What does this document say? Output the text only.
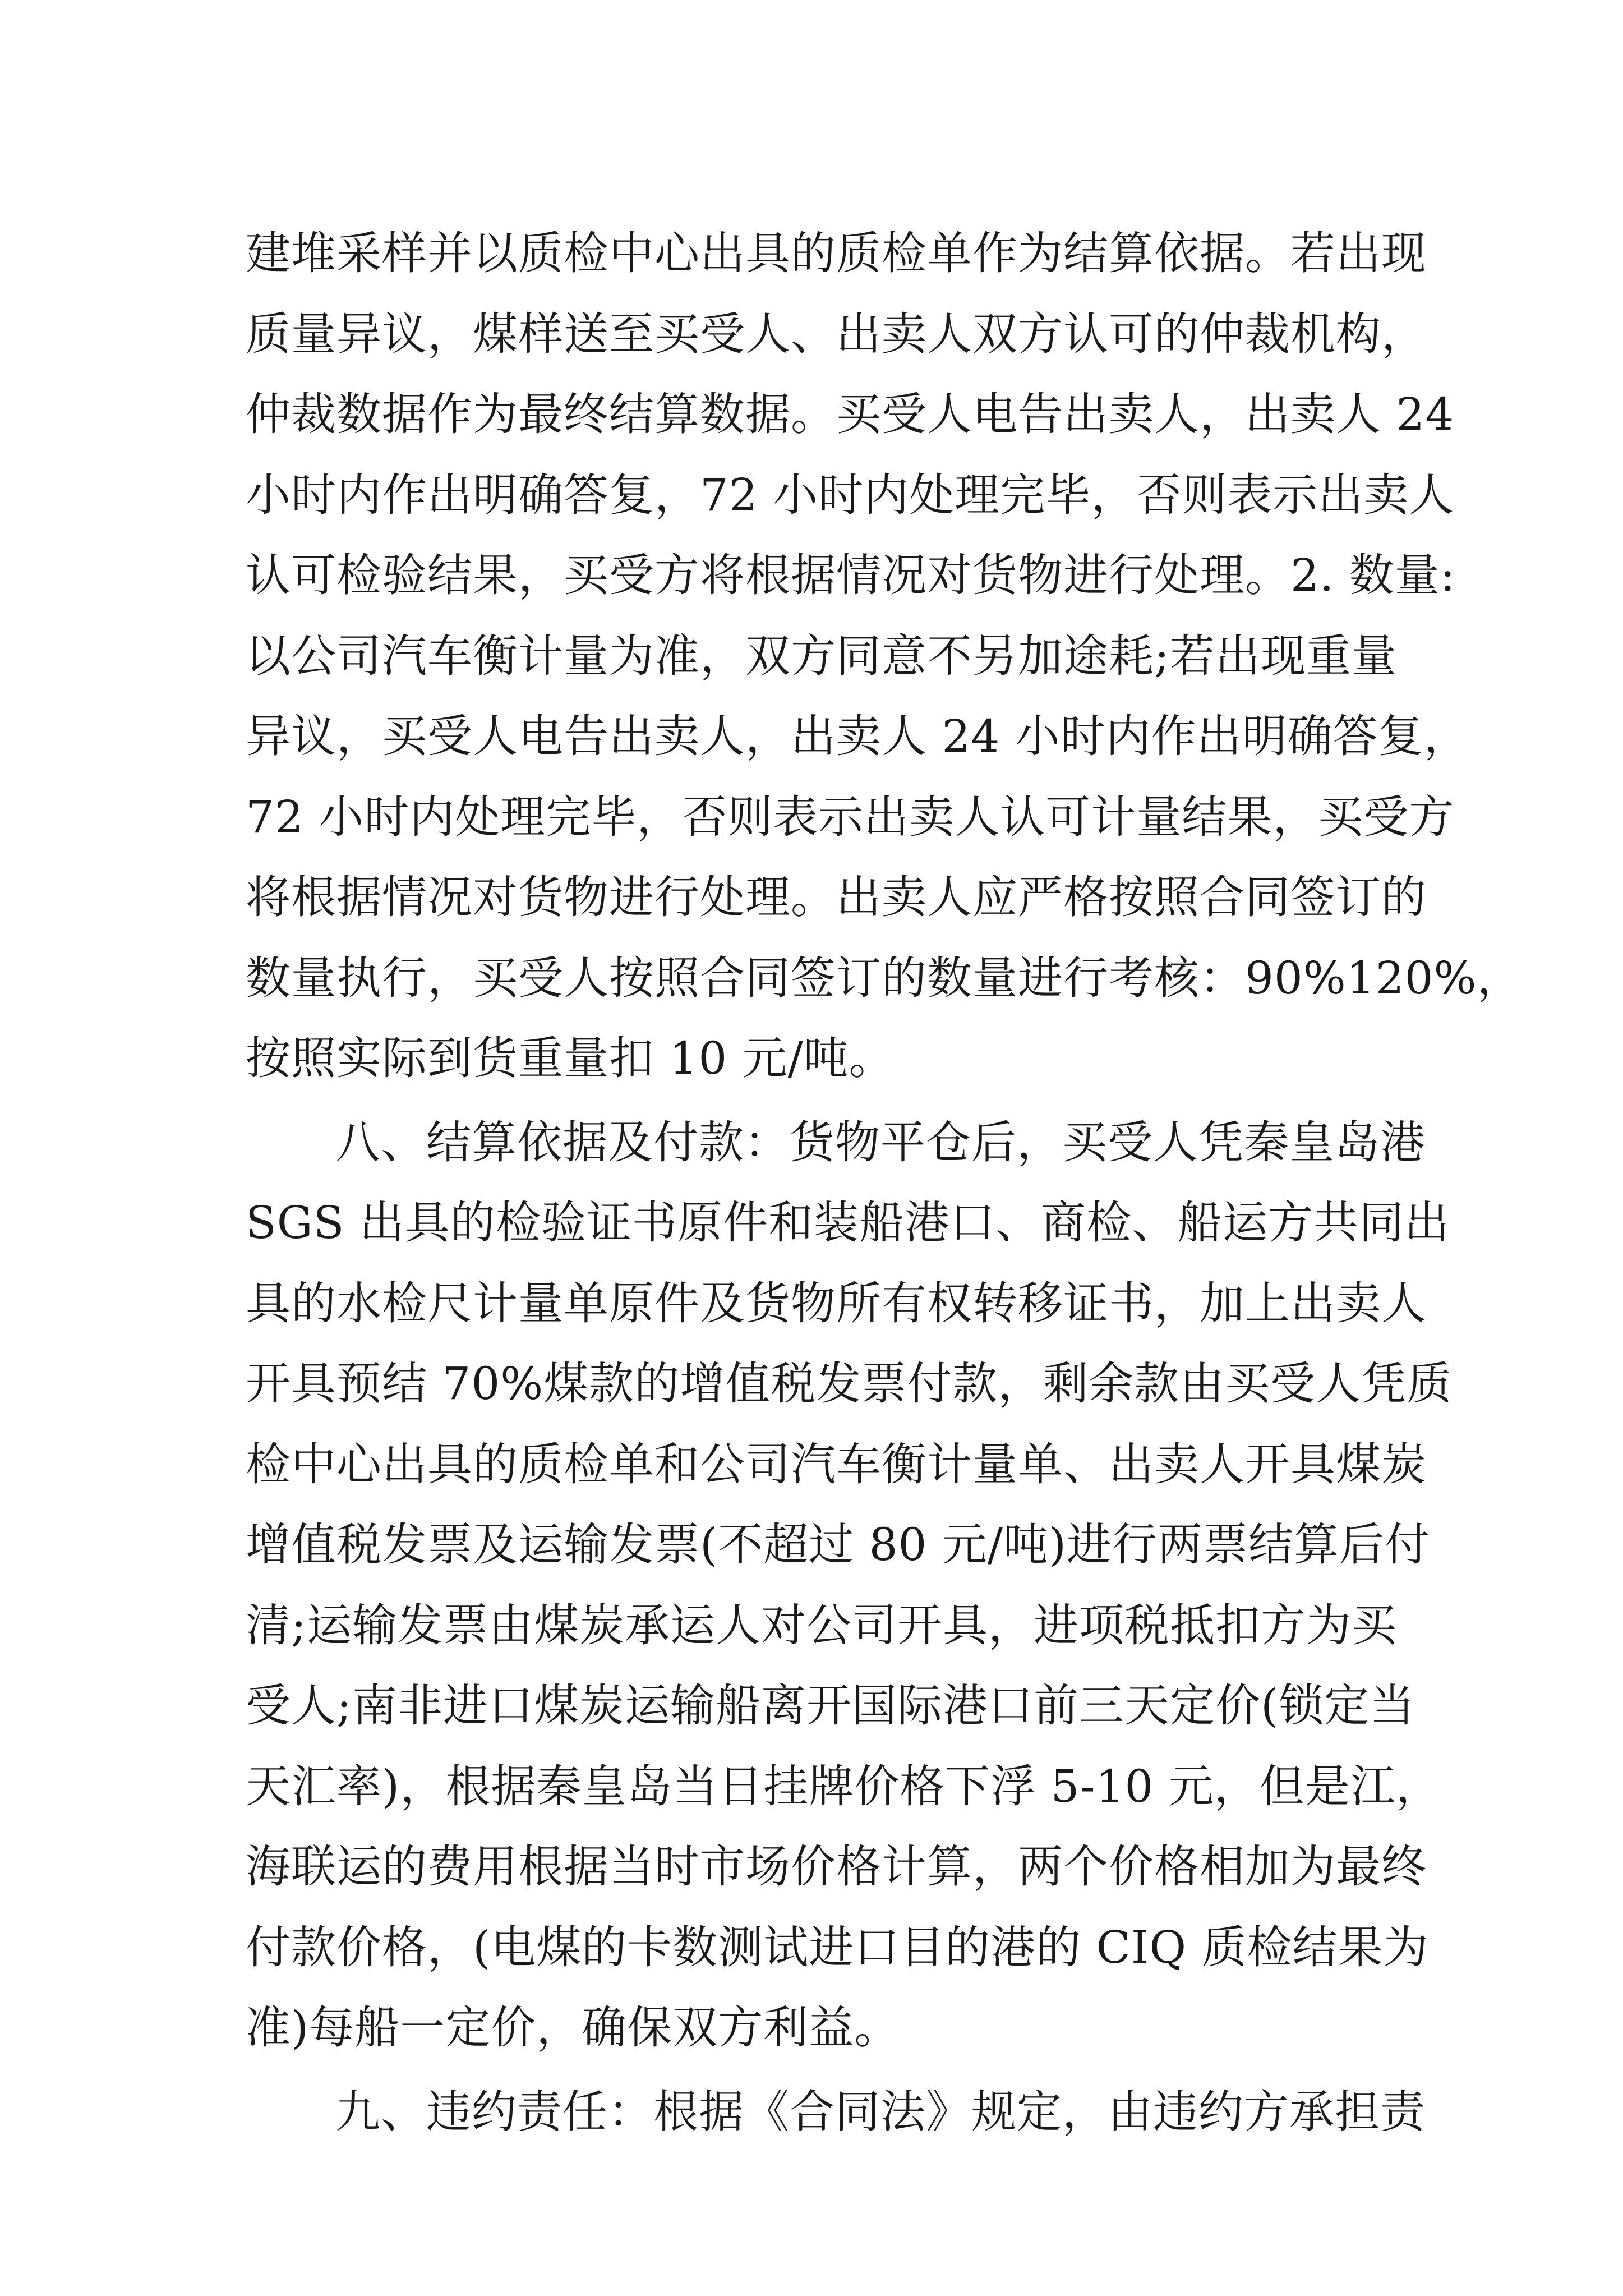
建堆采样并以质检中心出具的质检单作为结算依据。若出现
质量异议，煤样送至买受人、出卖人双方认可的仲裁机构，
仲裁数据作为最终结算数据。买受人电告出卖人，出卖人 24
小时内作出明确答复，72 小时内处理完毕，否则表示出卖人
认可检验结果，买受方将根据情况对货物进行处理。2. 数量:
以公司汽车衡计量为准，双方同意不另加途耗;若出现重量
异议，买受人电告出卖人，出卖人 24 小时内作出明确答复，
72 小时内处理完毕，否则表示出卖人认可计量结果，买受方
将根据情况对货物进行处理。出卖人应严格按照合同签订的
数量执行，买受人按照合同签订的数量进行考核：90%120%，
按照实际到货重量扣 10 元/吨。
八、结算依据及付款：货物平仓后，买受人凭秦皇岛港
SGS 出具的检验证书原件和装船港口、商检、船运方共同出
具的水检尺计量单原件及货物所有权转移证书，加上出卖人
开具预结 70%煤款的增值税发票付款，剩余款由买受人凭质
检中心出具的质检单和公司汽车衡计量单、出卖人开具煤炭
增值税发票及运输发票(不超过 80 元/吨)进行两票结算后付
清;运输发票由煤炭承运人对公司开具，进项税抵扣方为买
受人;南非进口煤炭运输船离开国际港口前三天定价(锁定当
天汇率)，根据秦皇岛当日挂牌价格下浮 5-10 元，但是江，
海联运的费用根据当时市场价格计算，两个价格相加为最终
付款价格，(电煤的卡数测试进口目的港的 CIQ 质检结果为
准)每船一定价，确保双方利益。
九、违约责任：根据《合同法》规定，由违约方承担责
